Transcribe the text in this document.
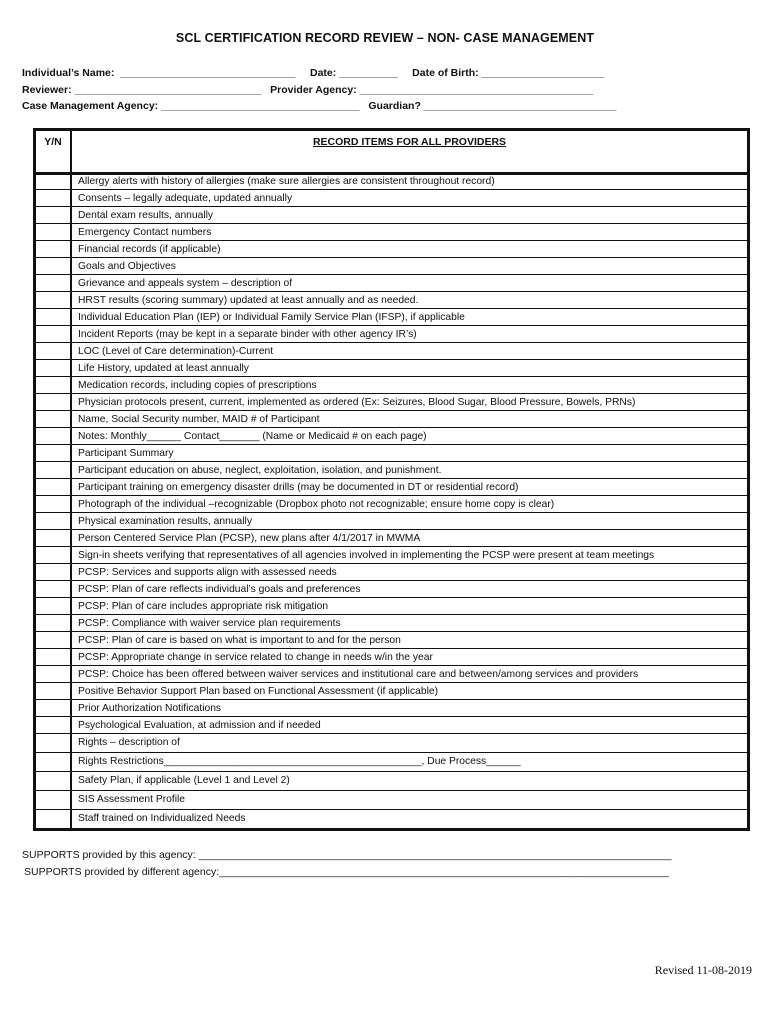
SCL CERTIFICATION RECORD REVIEW – NON- CASE MANAGEMENT
Individual’s Name:  ______________________________     Date: __________     Date of Birth: _____________________
Reviewer: ________________________________   Provider Agency: ________________________________________
Case Management Agency: __________________________________   Guardian? _________________________________
Y/N	RECORD ITEMS FOR ALL PROVIDERS
Allergy alerts with history of allergies (make sure allergies are consistent throughout record)
Consents – legally adequate, updated annually
Dental exam results, annually
Emergency Contact numbers
Financial records (if applicable)
Goals and Objectives
Grievance and appeals system – description of
HRST results (scoring summary) updated at least annually and as needed.
Individual Education Plan (IEP) or Individual Family Service Plan (IFSP), if applicable
Incident Reports (may be kept in a separate binder with other agency IR’s)
LOC (Level of Care determination)-Current
Life History, updated at least annually
Medication records, including copies of prescriptions
Physician protocols present, current, implemented as ordered (Ex: Seizures, Blood Sugar, Blood Pressure, Bowels, PRNs)
Name, Social Security number, MAID # of Participant
Notes: Monthly______ Contact_______ (Name or Medicaid # on each page)
Participant Summary
Participant education on abuse, neglect, exploitation, isolation, and punishment.
Participant training on emergency disaster drills (may be documented in DT or residential record)
Photograph of the individual –recognizable (Dropbox photo not recognizable; ensure home copy is clear)
Physical examination results, annually
Person Centered Service Plan (PCSP), new plans after 4/1/2017 in MWMA
Sign-in sheets verifying that representatives of all agencies involved in implementing the PCSP were present at team meetings
PCSP: Services and supports align with assessed needs
PCSP: Plan of care reflects individual’s goals and preferences
PCSP: Plan of care includes appropriate risk mitigation
PCSP: Compliance with waiver service plan requirements
PCSP: Plan of care is based on what is important to and for the person
PCSP: Appropriate change in service related to change in needs w/in the year
PCSP: Choice has been offered between waiver services and institutional care and between/among services and providers
Positive Behavior Support Plan based on Functional Assessment (if applicable)
Prior Authorization Notifications
Psychological Evaluation, at admission and if needed
Rights – description of
Rights Restrictions_____________________________________________, Due Process______
Safety Plan, if applicable (Level 1 and Level 2)
SIS Assessment Profile
Staff trained on Individualized Needs
SUPPORTS provided by this agency: _________________________________________________________________________________
SUPPORTS provided by different agency:_____________________________________________________________________________
Revised 11-08-2019
